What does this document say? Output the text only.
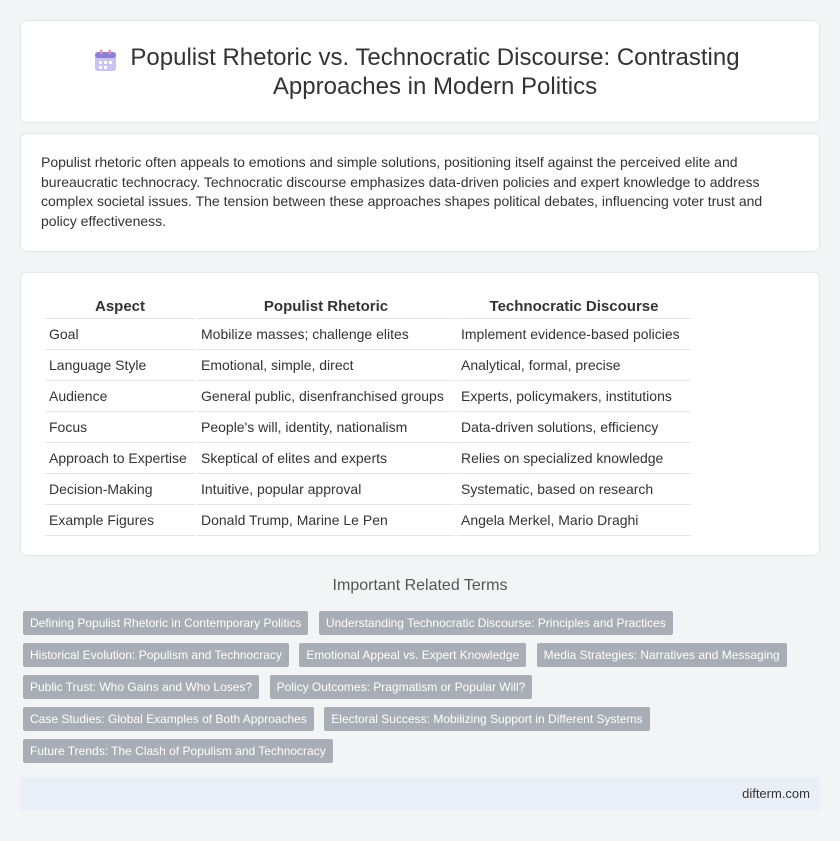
Populist Rhetoric vs. Technocratic Discourse: Contrasting Approaches in Modern Politics

Populist rhetoric often appeals to emotions and simple solutions, positioning itself against the perceived elite and bureaucratic technocracy. Technocratic discourse emphasizes data-driven policies and expert knowledge to address complex societal issues. The tension between these approaches shapes political debates, influencing voter trust and policy effectiveness.

Aspect	Populist Rhetoric	Technocratic Discourse
Goal	Mobilize masses; challenge elites	Implement evidence-based policies
Language Style	Emotional, simple, direct	Analytical, formal, precise
Audience	General public, disenfranchised groups	Experts, policymakers, institutions
Focus	People's will, identity, nationalism	Data-driven solutions, efficiency
Approach to Expertise	Skeptical of elites and experts	Relies on specialized knowledge
Decision-Making	Intuitive, popular approval	Systematic, based on research
Example Figures	Donald Trump, Marine Le Pen	Angela Merkel, Mario Draghi
Important Related Terms
Defining Populist Rhetoric in Contemporary Politics Understanding Technocratic Discourse: Principles and Practices
Historical Evolution: Populism and Technocracy Emotional Appeal vs. Expert Knowledge Media Strategies: Narratives and Messaging
Public Trust: Who Gains and Who Loses? Policy Outcomes: Pragmatism or Popular Will?
Case Studies: Global Examples of Both Approaches Electoral Success: Mobilizing Support in Different Systems
Future Trends: The Clash of Populism and Technocracy
difterm.com
